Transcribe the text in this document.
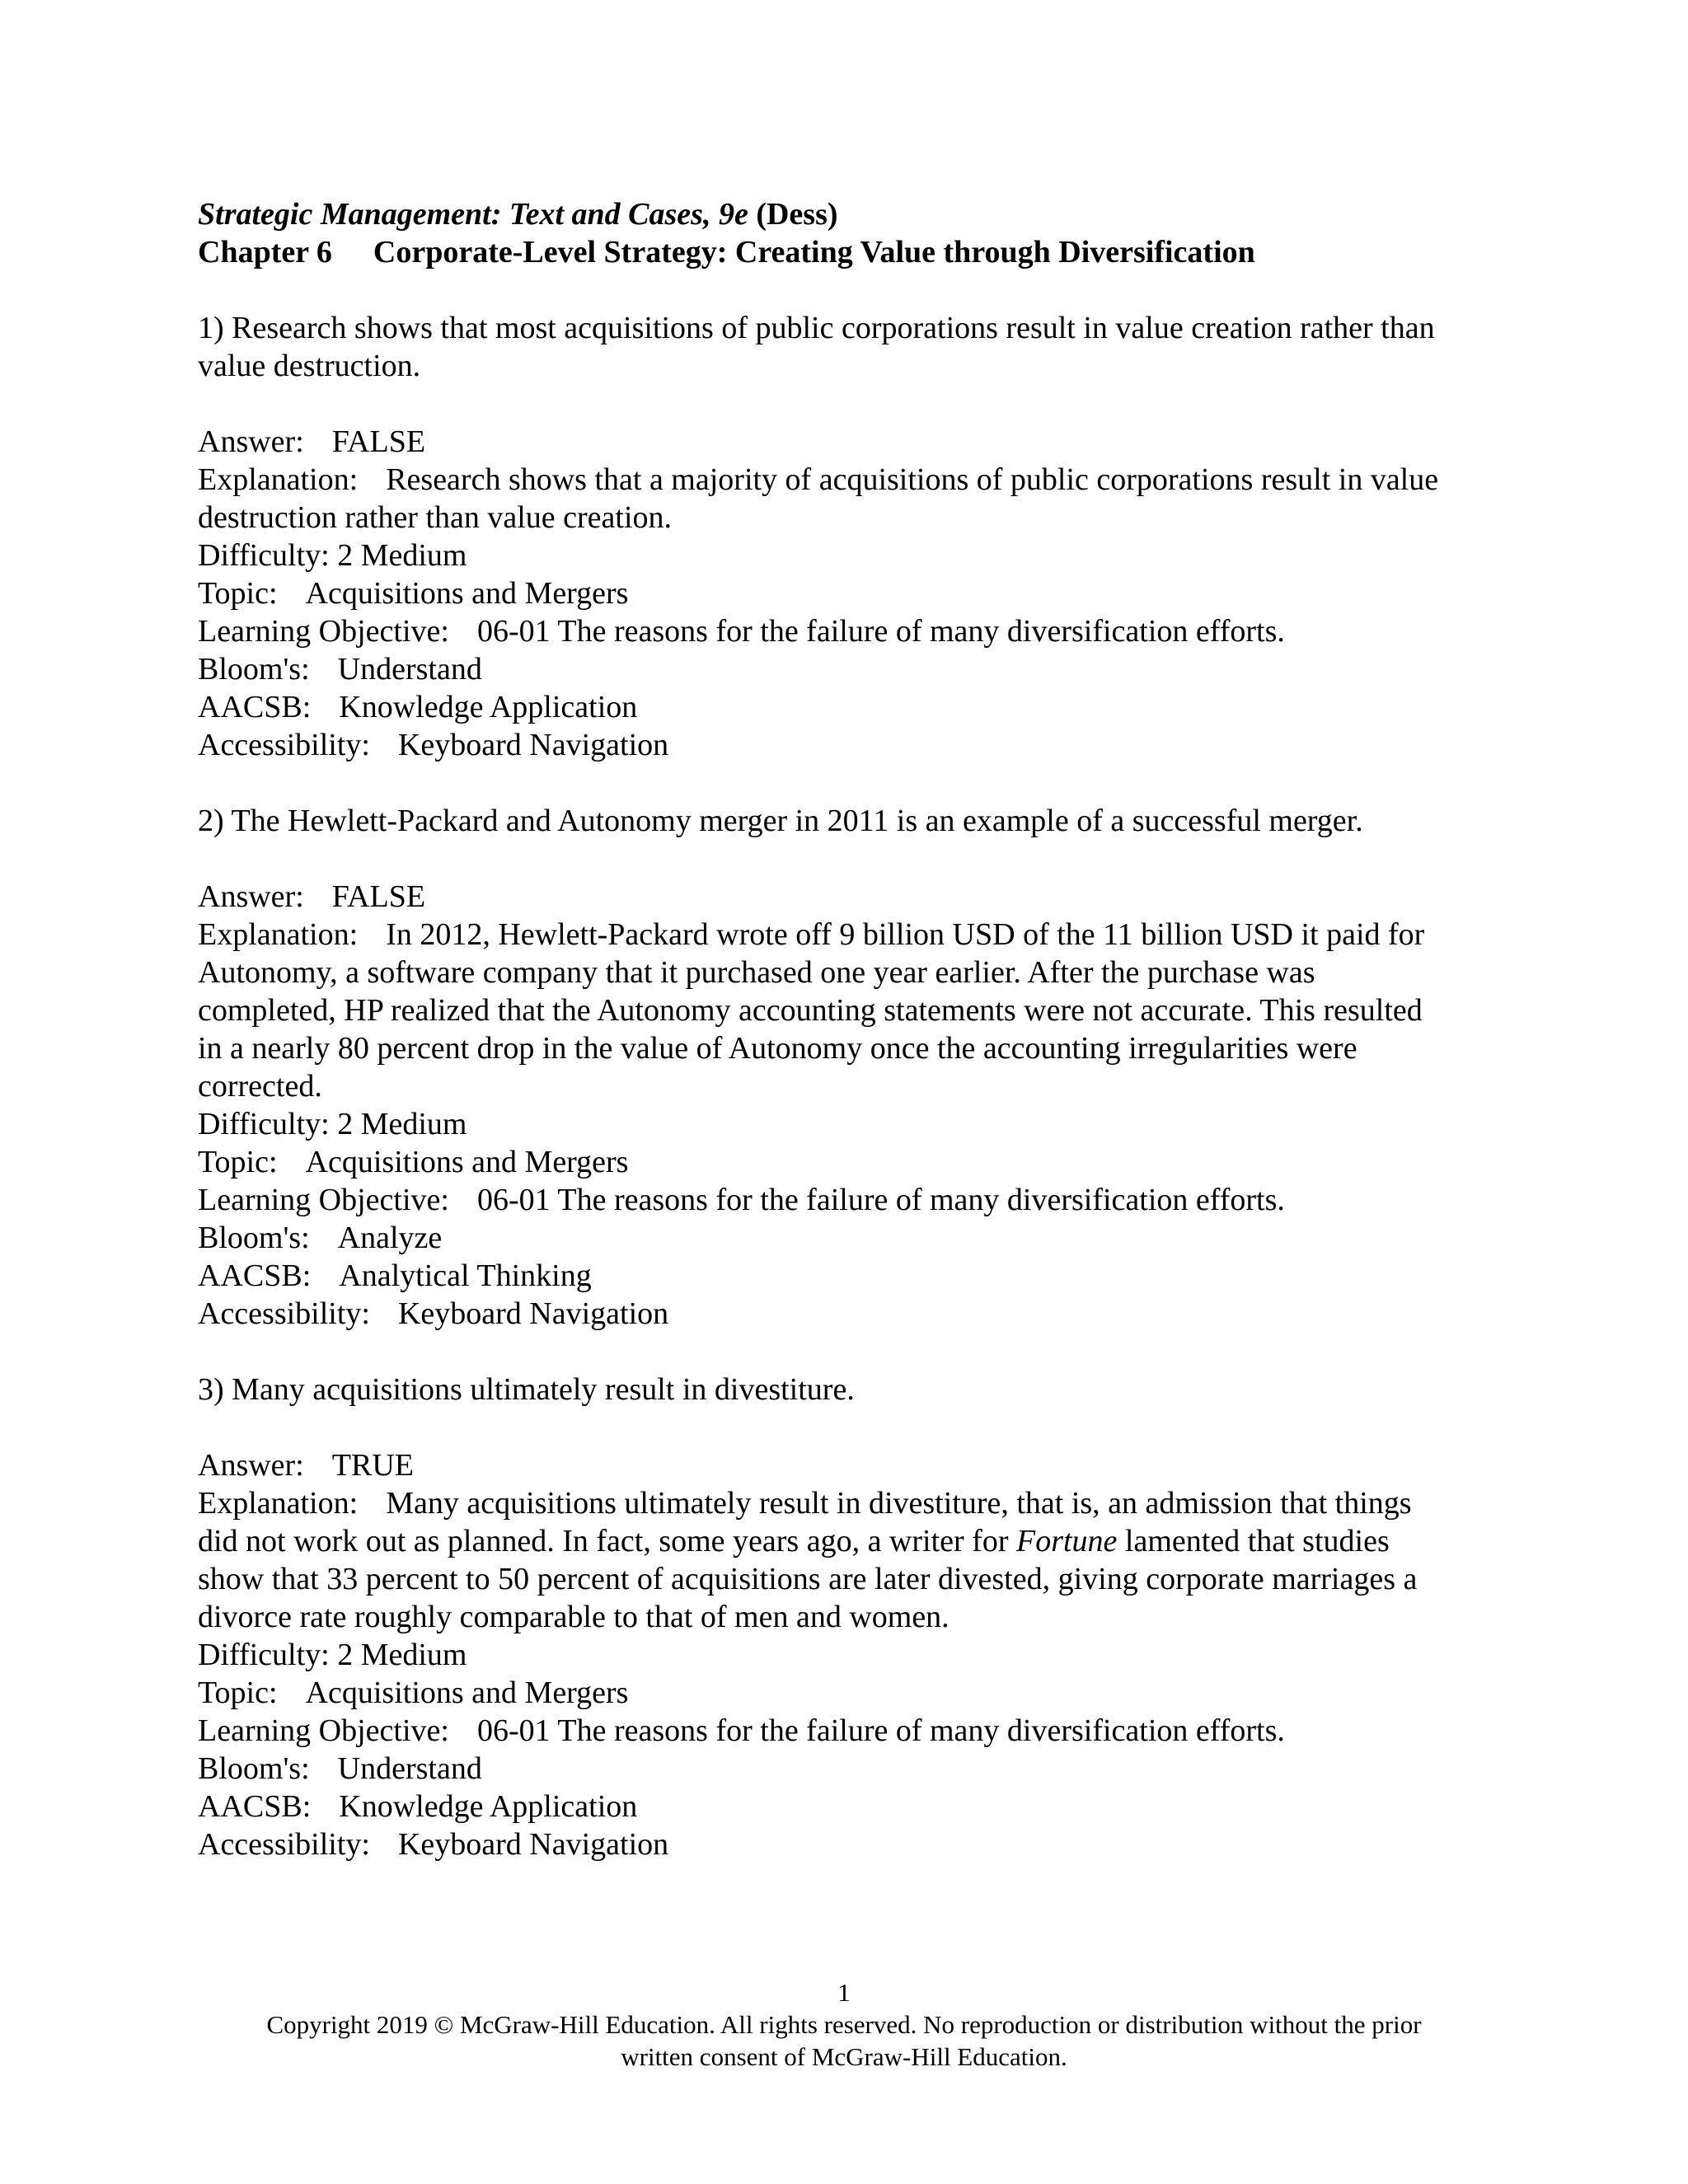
Strategic Management: Text and Cases, 9e (Dess)
Chapter 6 Corporate-Level Strategy: Creating Value through Diversification
1) Research shows that most acquisitions of public corporations result in value creation rather than
value destruction.
Answer: FALSE
Explanation: Research shows that a majority of acquisitions of public corporations result in value
destruction rather than value creation.
Difficulty: 2 Medium
Topic: Acquisitions and Mergers
Learning Objective: 06-01 The reasons for the failure of many diversification efforts.
Bloom's: Understand
AACSB: Knowledge Application
Accessibility: Keyboard Navigation
2) The Hewlett-Packard and Autonomy merger in 2011 is an example of a successful merger.
Answer: FALSE
Explanation: In 2012, Hewlett-Packard wrote off 9 billion USD of the 11 billion USD it paid for
Autonomy, a software company that it purchased one year earlier. After the purchase was
completed, HP realized that the Autonomy accounting statements were not accurate. This resulted
in a nearly 80 percent drop in the value of Autonomy once the accounting irregularities were
corrected.
Difficulty: 2 Medium
Topic: Acquisitions and Mergers
Learning Objective: 06-01 The reasons for the failure of many diversification efforts.
Bloom's: Analyze
AACSB: Analytical Thinking
Accessibility: Keyboard Navigation
3) Many acquisitions ultimately result in divestiture.
Answer: TRUE
Explanation: Many acquisitions ultimately result in divestiture, that is, an admission that things
did not work out as planned. In fact, some years ago, a writer for Fortune lamented that studies
show that 33 percent to 50 percent of acquisitions are later divested, giving corporate marriages a
divorce rate roughly comparable to that of men and women.
Difficulty: 2 Medium
Topic: Acquisitions and Mergers
Learning Objective: 06-01 The reasons for the failure of many diversification efforts.
Bloom's: Understand
AACSB: Knowledge Application
Accessibility: Keyboard Navigation
1
Copyright 2019 © McGraw-Hill Education. All rights reserved. No reproduction or distribution without the prior
written consent of McGraw-Hill Education.
